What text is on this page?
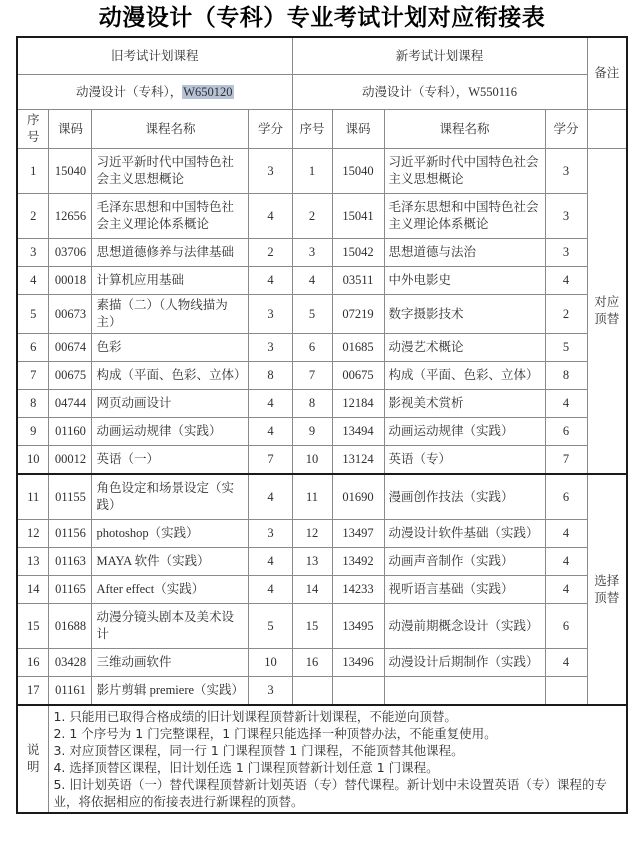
动漫设计（专科）专业考试计划对应衔接表
旧考试计划课程				新考试计划课程				备注
动漫设计（专科），W650120				动漫设计（专科），W550116				
序号	课码	课程名称	学分	序号	课码	课程名称	学分	
1	15040	习近平新时代中国特色社会主义思想概论	3	1	15040	习近平新时代中国特色社会主义思想概论	3	对应顶替
2	12656	毛泽东思想和中国特色社会主义理论体系概论	4	2	15041	毛泽东思想和中国特色社会主义理论体系概论	3	
3	03706	思想道德修养与法律基础	2	3	15042	思想道德与法治	3	
4	00018	计算机应用基础	4	4	03511	中外电影史	4	
5	00673	素描（二）（人物线描为主）	3	5	07219	数字摄影技术	2	
6	00674	色彩	3	6	01685	动漫艺术概论	5	
7	00675	构成（平面、色彩、立体）	8	7	00675	构成（平面、色彩、立体）	8	
8	04744	网页动画设计	4	8	12184	影视美术赏析	4	
9	01160	动画运动规律（实践）	4	9	13494	动画运动规律（实践）	6	
10	00012	英语（一）	7	10	13124	英语（专）	7	
11	01155	角色设定和场景设定（实践）	4	11	01690	漫画创作技法（实践）	6	选择顶替
12	01156	photoshop（实践）	3	12	13497	动漫设计软件基础（实践）	4	
13	01163	MAYA 软件（实践）	4	13	13492	动画声音制作（实践）	4	
14	01165	After effect（实践）	4	14	14233	视听语言基础（实践）	4	
15	01688	动漫分镜头剧本及美术设计	5	15	13495	动漫前期概念设计（实践）	6	
16	03428	三维动画软件	10	16	13496	动漫设计后期制作（实践）	4	
17	01161	影片剪辑 premiere（实践）	3					
说明	1. 只能用已取得合格成绩的旧计划课程顶替新计划课程，不能逆向顶替。

2. 1 个序号为 1 门完整课程，1 门课程只能选择一种顶替办法，不能重复使用。

3. 对应顶替区课程，同一行 1 门课程顶替 1 门课程，不能顶替其他课程。

4. 选择顶替区课程，旧计划任选 1 门课程顶替新计划任意 1 门课程。

5. 旧计划英语（一）替代课程顶替新计划英语（专）替代课程。新计划中未设置英语（专）课程的专业，将依据相应的衔接表进行新课程的顶替。							
